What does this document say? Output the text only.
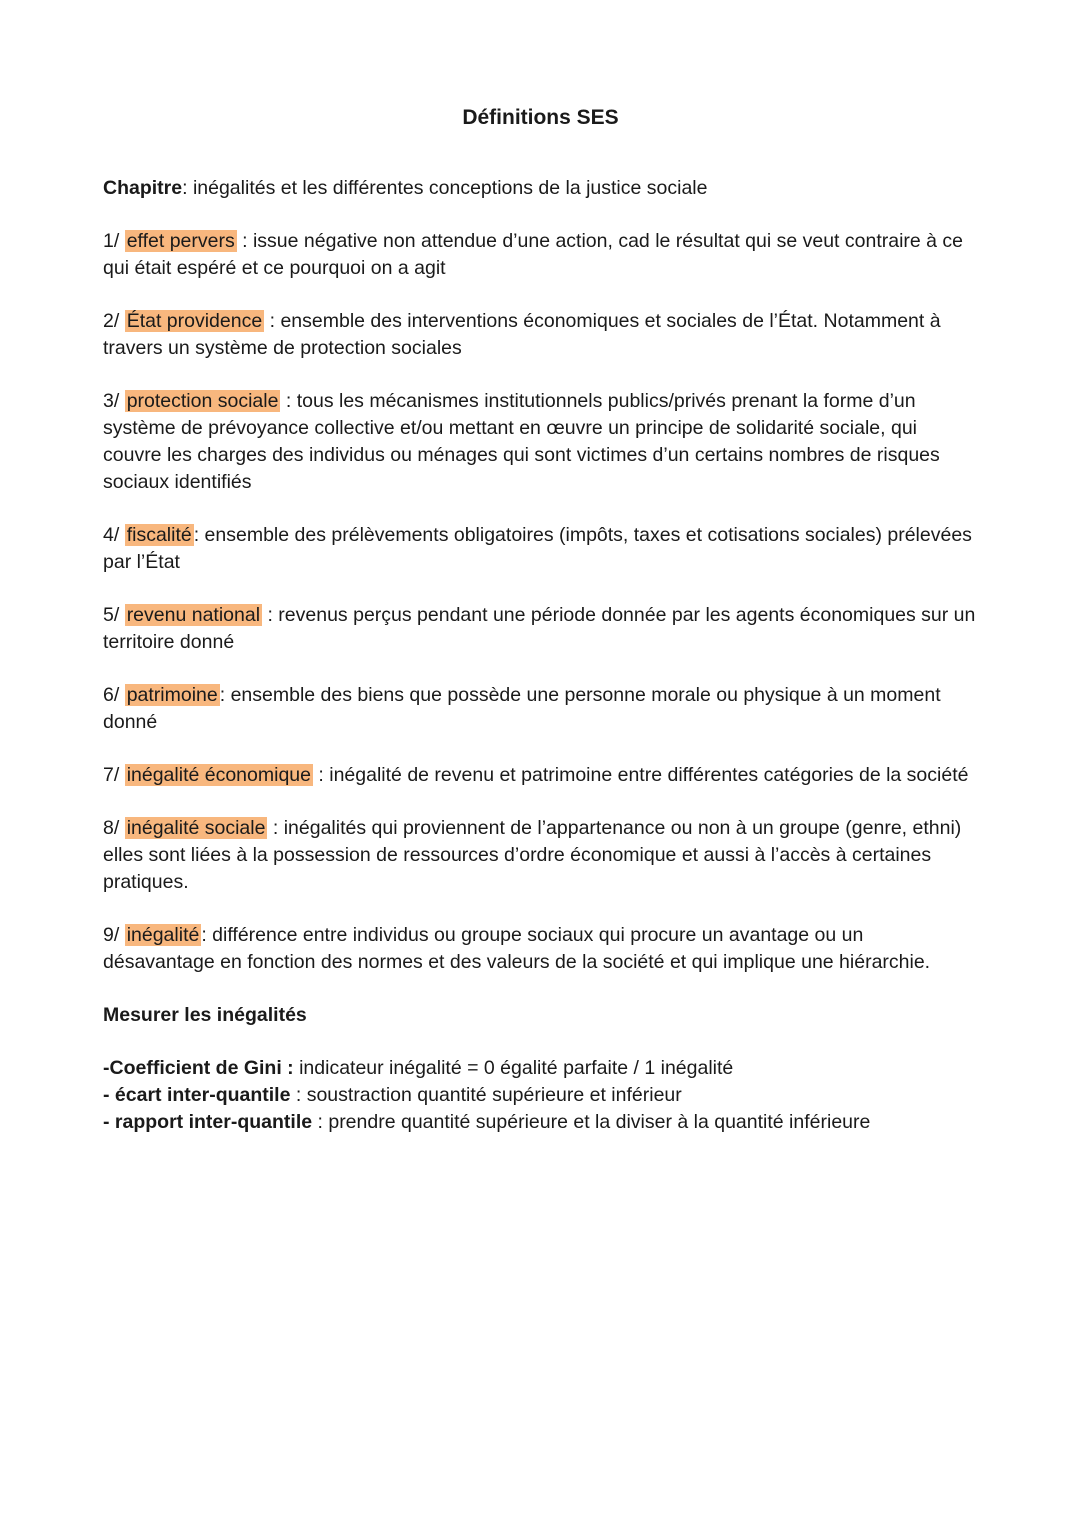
Définitions SES
Chapitre: inégalités et les différentes conceptions de la justice sociale
1/ effet pervers : issue négative non attendue d’une action, cad le résultat qui se veut contraire à ce qui était espéré et ce pourquoi on a agit
2/ État providence : ensemble des interventions économiques et sociales de l’État. Notamment à travers un système de protection sociales
3/ protection sociale : tous les mécanismes institutionnels publics/privés prenant la forme d’un système de prévoyance collective et/ou mettant en œuvre un principe de solidarité sociale, qui couvre les charges des individus ou ménages qui sont victimes d’un certains nombres de risques sociaux identifiés
4/ fiscalité : ensemble des prélèvements obligatoires (impôts, taxes et cotisations sociales) prélevées par l’État
5/ revenu national : revenus perçus pendant une période donnée par les agents économiques sur un territoire donné
6/ patrimoine : ensemble des biens que possède une personne morale ou physique à un moment donné
7/ inégalité économique : inégalité de revenu et patrimoine entre différentes catégories de la société
8/ inégalité sociale : inégalités qui proviennent de l’appartenance ou non à un groupe (genre, ethni) elles sont liées à la possession de ressources d’ordre économique et aussi à l’accès à certaines pratiques.
9/ inégalité : différence entre individus ou groupe sociaux qui procure un avantage ou un désavantage en fonction des normes et des valeurs de la société et qui implique une hiérarchie.
Mesurer les inégalités
-Coefficient de Gini : indicateur inégalité = 0 égalité parfaite / 1 inégalité
- écart inter-quantile : soustraction quantité supérieure et inférieur
- rapport inter-quantile : prendre quantité supérieure et la diviser à la quantité inférieure
